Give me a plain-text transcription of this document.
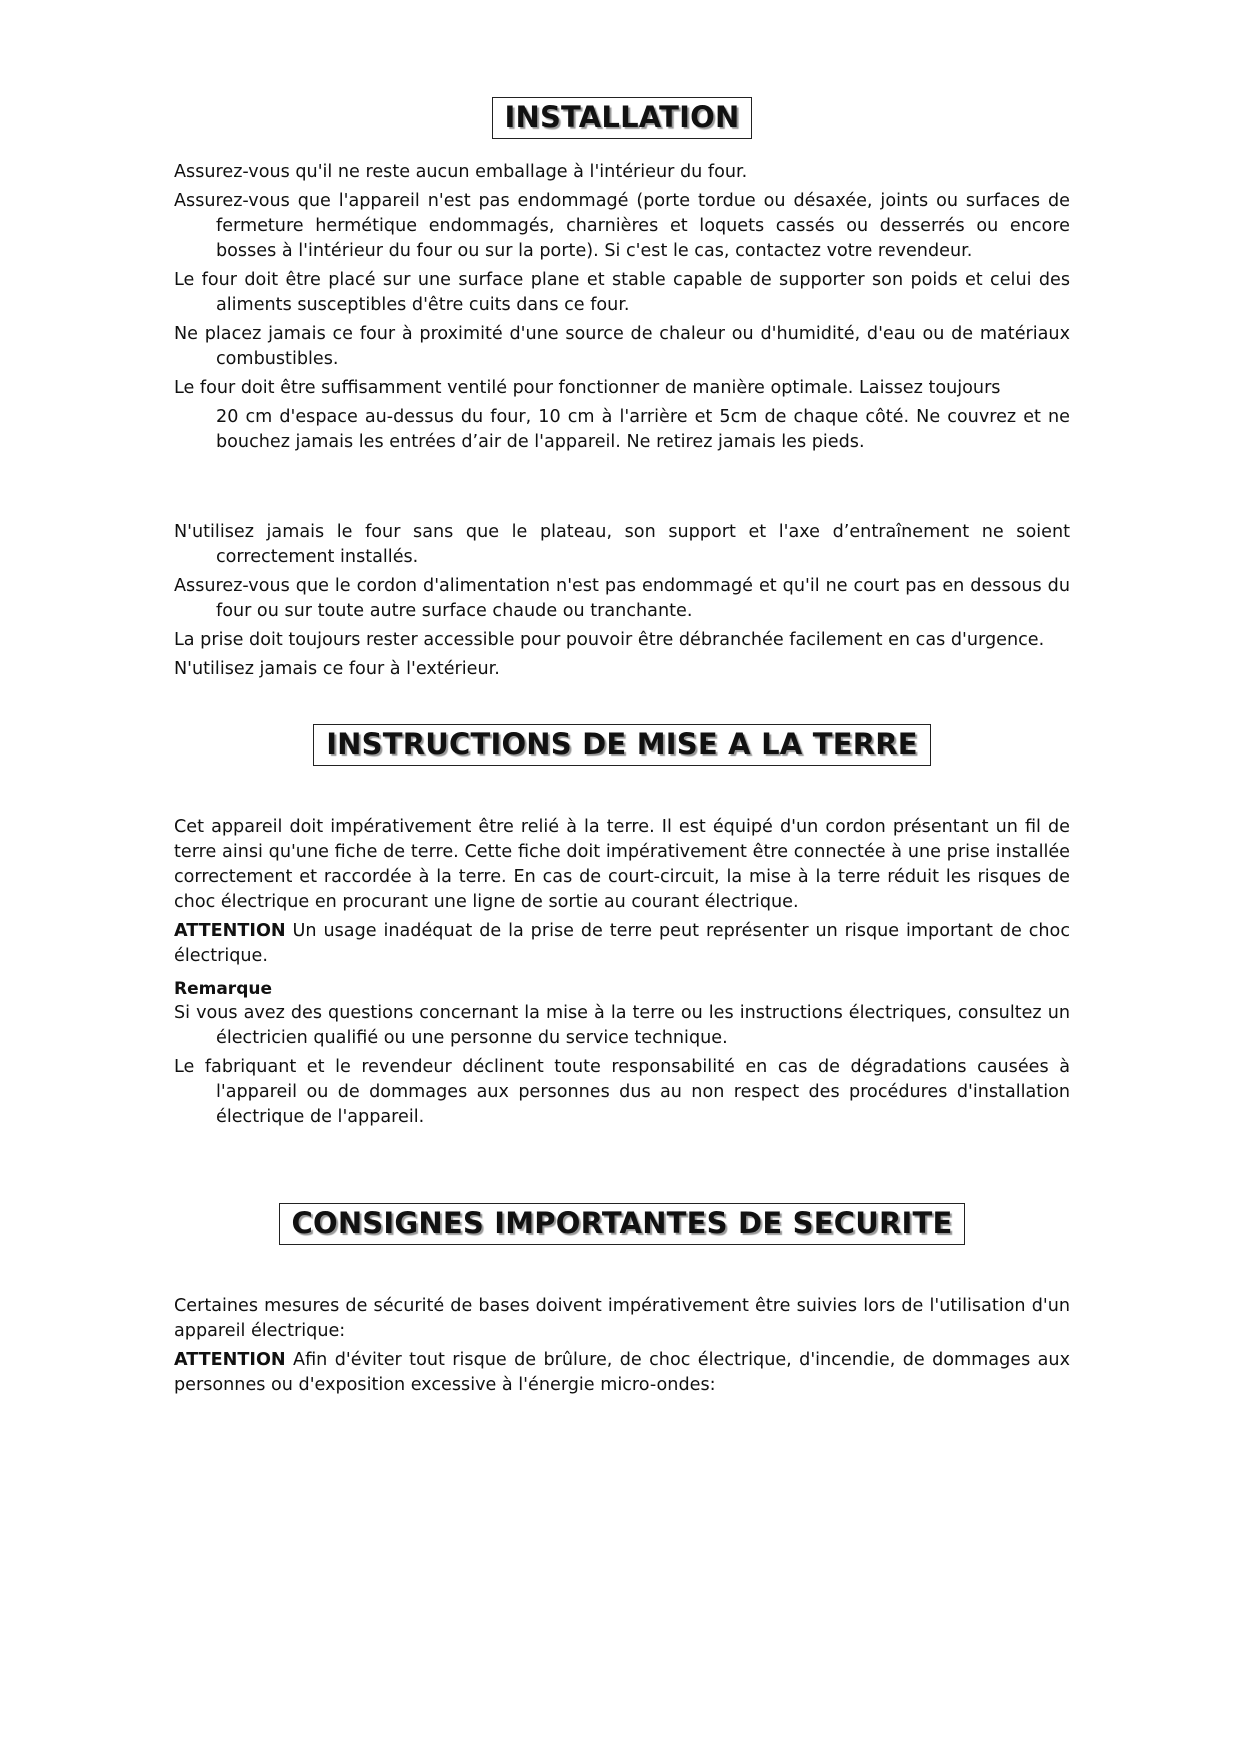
INSTALLATION

Assurez-vous qu'il ne reste aucun emballage à l'intérieur du four.

Assurez-vous que l'appareil n'est pas endommagé (porte tordue ou désaxée, joints ou surfaces de fermeture hermétique endommagés, charnières et loquets cassés ou desserrés ou encore bosses à l'intérieur du four ou sur la porte). Si c'est le cas, contactez votre revendeur.

Le four doit être placé sur une surface plane et stable capable de supporter son poids et celui des aliments susceptibles d'être cuits dans ce four.

Ne placez jamais ce four à proximité d'une source de chaleur ou d'humidité, d'eau ou de matériaux combustibles.

Le four doit être suffisamment ventilé pour fonctionner de manière optimale. Laissez toujours

20 cm d'espace au-dessus du four, 10 cm à l'arrière et 5cm de chaque côté. Ne couvrez et ne bouchez jamais les entrées d’air de l'appareil. Ne retirez jamais les pieds.

N'utilisez jamais le four sans que le plateau, son support et l'axe d’entraînement ne soient correctement installés.

Assurez-vous que le cordon d'alimentation n'est pas endommagé et qu'il ne court pas en dessous du four ou sur toute autre surface chaude ou tranchante.

La prise doit toujours rester accessible pour pouvoir être débranchée facilement en cas d'urgence.

N'utilisez jamais ce four à l'extérieur.

INSTRUCTIONS DE MISE A LA TERRE

Cet appareil doit impérativement être relié à la terre. Il est équipé d'un cordon présentant un fil de terre ainsi qu'une fiche de terre. Cette fiche doit impérativement être connectée à une prise installée correctement et raccordée à la terre. En cas de court-circuit, la mise à la terre réduit les risques de choc électrique en procurant une ligne de sortie au courant électrique.

ATTENTION Un usage inadéquat de la prise de terre peut représenter un risque important de choc électrique.

Remarque

Si vous avez des questions concernant la mise à la terre ou les instructions électriques, consultez un électricien qualifié ou une personne du service technique.

Le fabriquant et le revendeur déclinent toute responsabilité en cas de dégradations causées à l'appareil ou de dommages aux personnes dus au non respect des procédures d'installation électrique de l'appareil.

CONSIGNES IMPORTANTES DE SECURITE

Certaines mesures de sécurité de bases doivent impérativement être suivies lors de l'utilisation d'un appareil électrique:

ATTENTION Afin d'éviter tout risque de brûlure, de choc électrique, d'incendie, de dommages aux personnes ou d'exposition excessive à l'énergie micro-ondes:
